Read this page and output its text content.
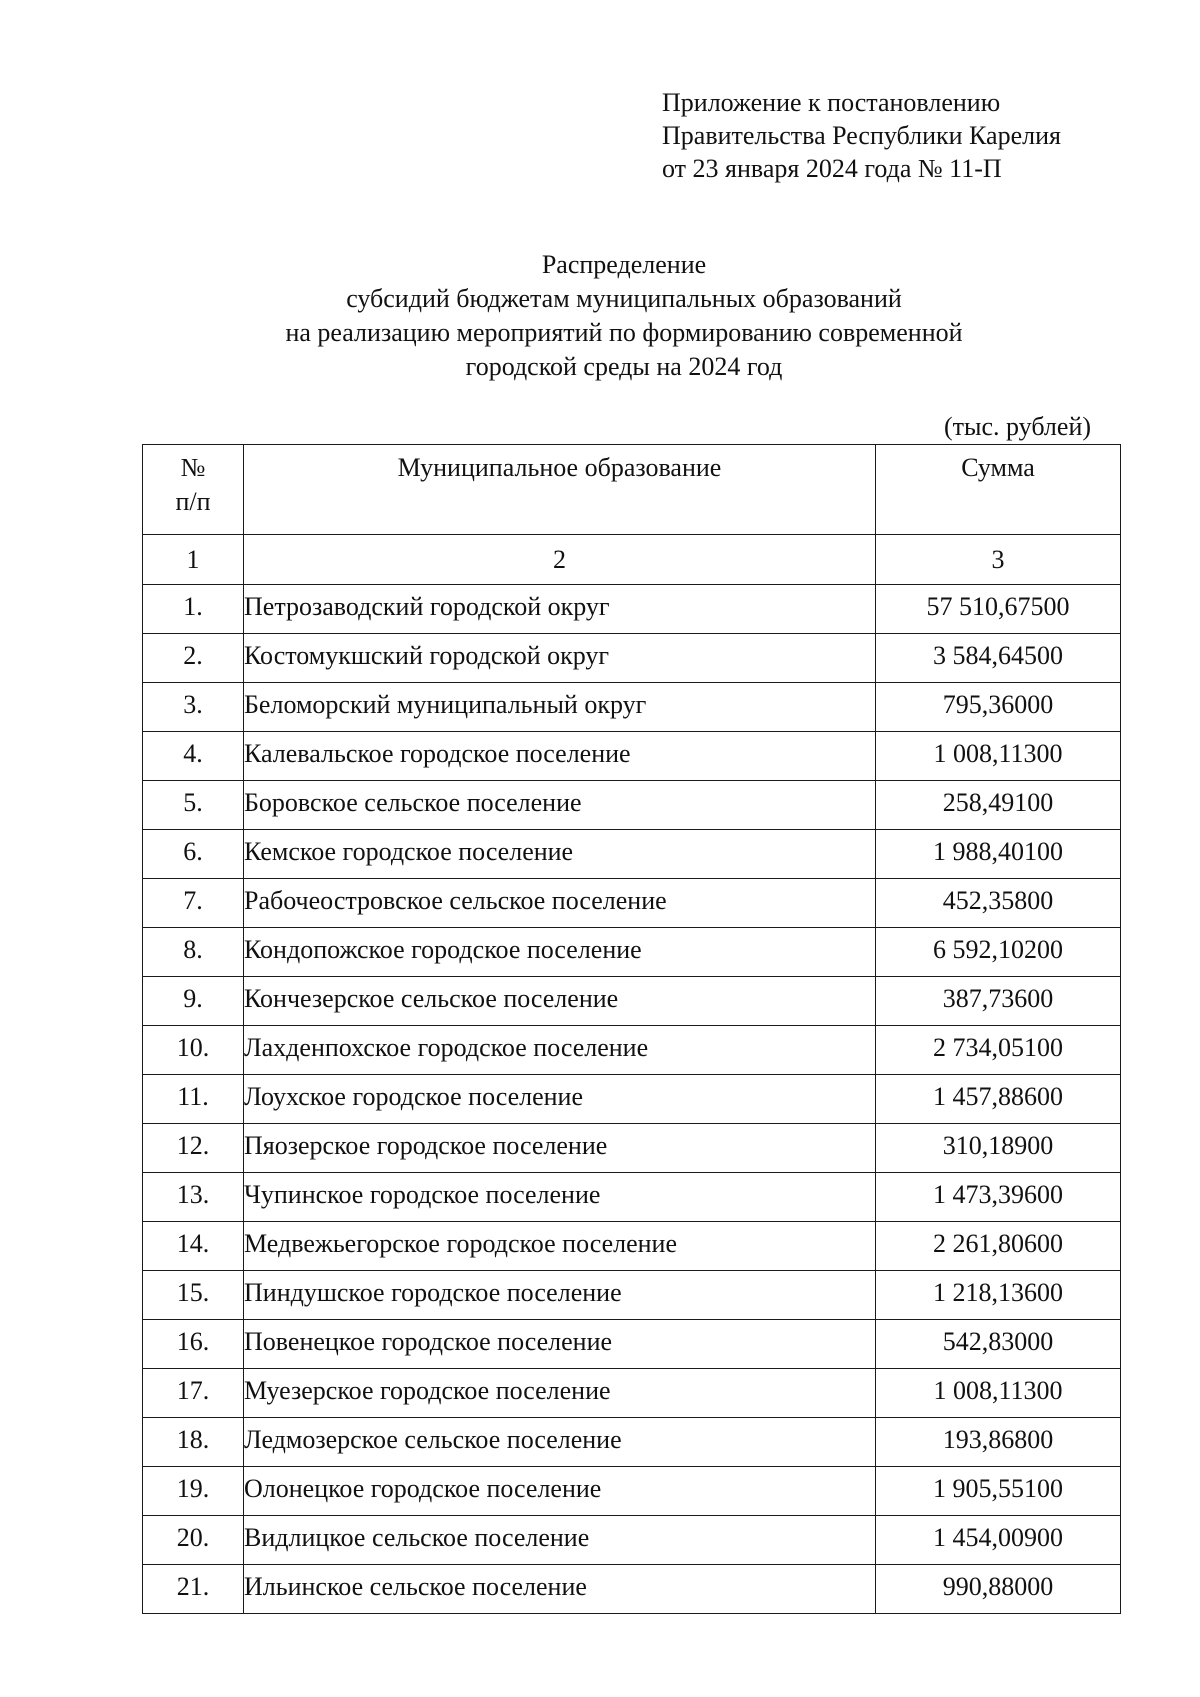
Приложение к постановлению
Правительства Республики Карелия
от 23 января 2024 года № 11-П
Распределение
субсидий бюджетам муниципальных образований
на реализацию мероприятий по формированию современной
городской среды на 2024 год
(тыс. рублей)
№
п/п	Муниципальное образование	Сумма
1	2	3
1.	Петрозаводский городской округ	57 510,67500
2.	Костомукшский городской округ	3 584,64500
3.	Беломорский муниципальный округ	795,36000
4.	Калевальское городское поселение	1 008,11300
5.	Боровское сельское поселение	258,49100
6.	Кемское городское поселение	1 988,40100
7.	Рабочеостровское сельское поселение	452,35800
8.	Кондопожское городское поселение	6 592,10200
9.	Кончезерское сельское поселение	387,73600
10.	Лахденпохское городское поселение	2 734,05100
11.	Лоухское городское поселение	1 457,88600
12.	Пяозерское городское поселение	310,18900
13.	Чупинское городское поселение	1 473,39600
14.	Медвежьегорское городское поселение	2 261,80600
15.	Пиндушское городское поселение	1 218,13600
16.	Повенецкое городское поселение	542,83000
17.	Муезерское городское поселение	1 008,11300
18.	Ледмозерское сельское поселение	193,86800
19.	Олонецкое городское поселение	1 905,55100
20.	Видлицкое сельское поселение	1 454,00900
21.	Ильинское сельское поселение	990,88000
